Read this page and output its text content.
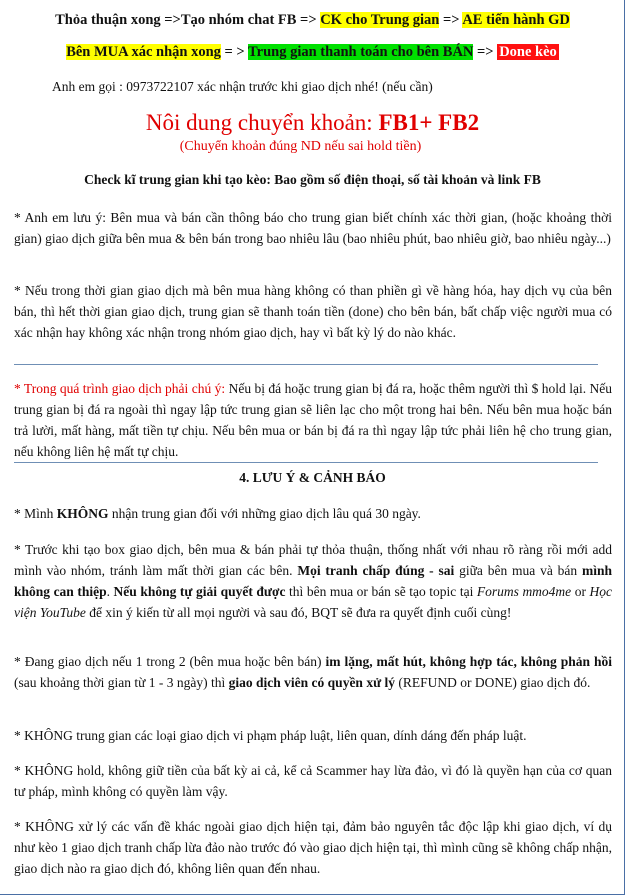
Thỏa thuận xong =>Tạo nhóm chat FB => CK cho Trung gian => AE tiến hành GD
Bên MUA xác nhận xong = > Trung gian thanh toán cho bên BÁN => Done kèo
Anh em gọi : 0973722107 xác nhận trước khi giao dịch nhé! (nếu cần)
Nôi dung chuyển khoản: FB1+ FB2
(Chuyển khoản đúng ND nếu sai hold tiền)
Check kĩ trung gian khi tạo kèo: Bao gồm số điện thoại, số tài khoản và link FB
* Anh em lưu ý: Bên mua và bán cần thông báo cho trung gian biết chính xác thời gian, (hoặc khoảng thời gian) giao dịch giữa bên mua & bên bán trong bao nhiêu lâu (bao nhiêu phút, bao nhiêu giờ, bao nhiêu ngày...)
* Nếu trong thời gian giao dịch mà bên mua hàng không có than phiền gì về hàng hóa, hay dịch vụ của bên bán, thì hết thời gian giao dịch, trung gian sẽ thanh toán tiền (done) cho bên bán, bất chấp việc người mua có xác nhận hay không xác nhận trong nhóm giao dịch, hay vì bất kỳ lý do nào khác.
* Trong quá trình giao dịch phải chú ý: Nếu bị đá hoặc trung gian bị đá ra, hoặc thêm người thì $ hold lại. Nếu trung gian bị đá ra ngoài thì ngay lập tức trung gian sẽ liên lạc cho một trong hai bên. Nếu bên mua hoặc bán trả lười, mất hàng, mất tiền tự chịu. Nếu bên mua or bán bị đá ra thì ngay lập tức phải liên hệ cho trung gian, nếu không liên hệ mất tự chịu.
4. LƯU Ý & CẢNH BÁO
* Mình KHÔNG nhận trung gian đối với những giao dịch lâu quá 30 ngày.
* Trước khi tạo box giao dịch, bên mua & bán phải tự thỏa thuận, thống nhất với nhau rõ ràng rồi mới add mình vào nhóm, tránh làm mất thời gian các bên. Mọi tranh chấp đúng - sai giữa bên mua và bán mình không can thiệp. Nếu không tự giải quyết được thì bên mua or bán sẽ tạo topic tại Forums mmo4me or Học viện YouTube để xin ý kiến từ all mọi người và sau đó, BQT sẽ đưa ra quyết định cuối cùng!
* Đang giao dịch nếu 1 trong 2 (bên mua hoặc bên bán) im lặng, mất hút, không hợp tác, không phản hồi (sau khoảng thời gian từ 1 - 3 ngày) thì giao dịch viên có quyền xử lý (REFUND or DONE) giao dịch đó.
* KHÔNG trung gian các loại giao dịch vi phạm pháp luật, liên quan, dính dáng đến pháp luật.
* KHÔNG hold, không giữ tiền của bất kỳ ai cả, kể cả Scammer hay lừa đảo, vì đó là quyền hạn của cơ quan tư pháp, mình không có quyền làm vậy.
* KHÔNG xử lý các vấn đề khác ngoài giao dịch hiện tại, đảm bảo nguyên tắc độc lập khi giao dịch, ví dụ như kèo 1 giao dịch tranh chấp lừa đảo nào trước đó vào giao dịch hiện tại, thì mình cũng sẽ không chấp nhận, giao dịch nào ra giao dịch đó, không liên quan đến nhau.
